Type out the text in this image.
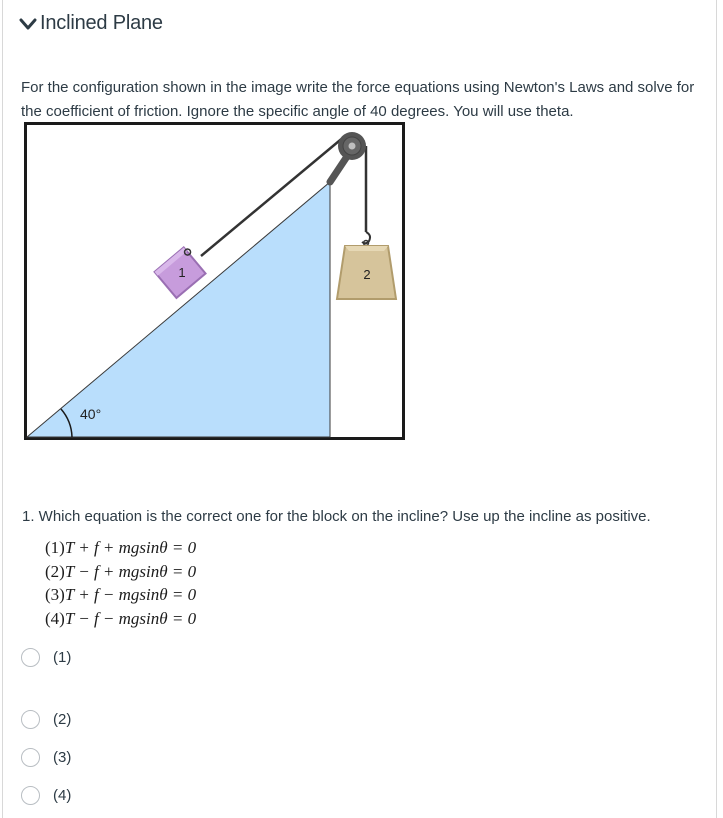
Inclined Plane
For the configuration shown in the image write the force equations using Newton's Laws and solve for the coefficient of friction. Ignore the specific angle of 40 degrees. You will use theta.
2
1
40°
1. Which equation is the correct one for the block on the incline? Use up the incline as positive.
(1)T + f + mgsinθ = 0
(2)T − f + mgsinθ = 0
(3)T + f − mgsinθ = 0
(4)T − f − mgsinθ = 0
(1)
(2)
(3)
(4)
